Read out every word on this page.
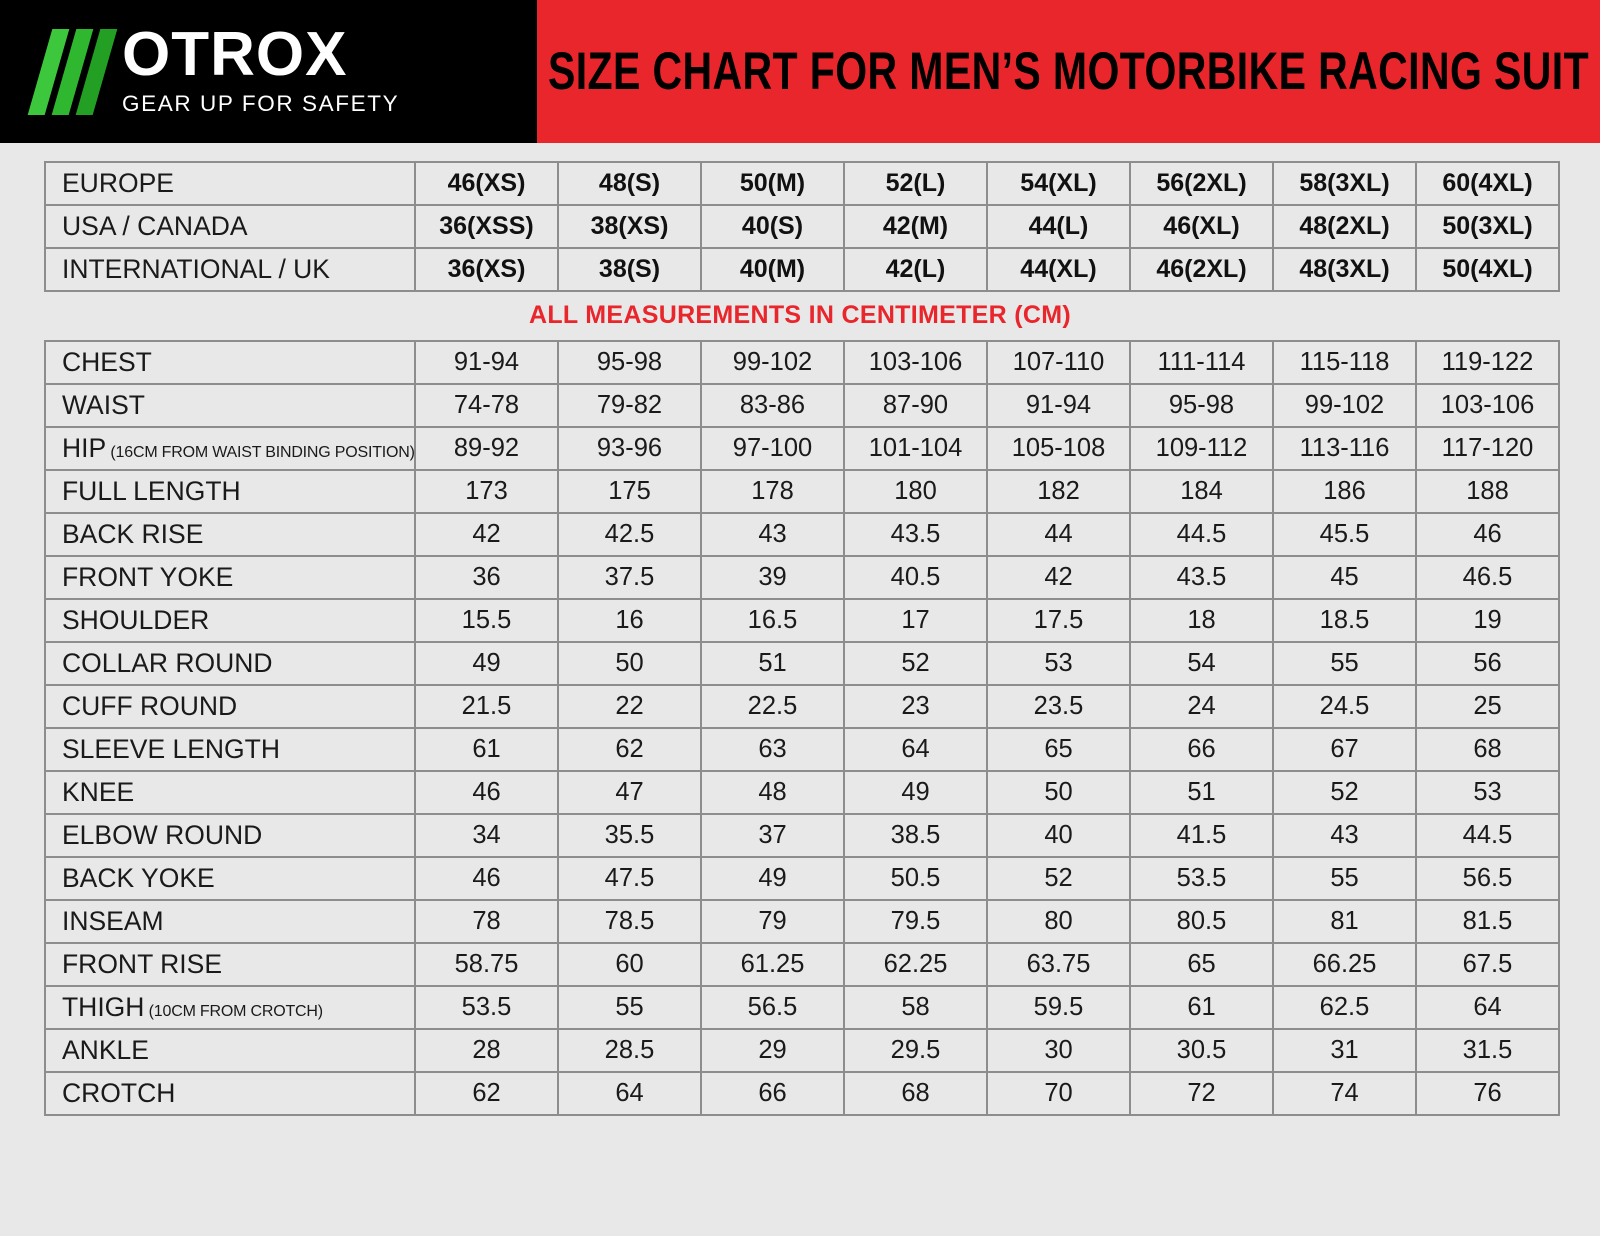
OTROX
GEAR UP FOR SAFETY
SIZE CHART FOR MEN’S MOTORBIKE RACING SUIT
EUROPE	46(XS)	48(S)	50(M)	52(L)	54(XL)	56(2XL)	58(3XL)	60(4XL)
USA / CANADA	36(XSS)	38(XS)	40(S)	42(M)	44(L)	46(XL)	48(2XL)	50(3XL)
INTERNATIONAL / UK	36(XS)	38(S)	40(M)	42(L)	44(XL)	46(2XL)	48(3XL)	50(4XL)
ALL MEASUREMENTS IN CENTIMETER (CM)
CHEST	91-94	95-98	99-102	103-106	107-110	111-114	115-118	119-122
WAIST	74-78	79-82	83-86	87-90	91-94	95-98	99-102	103-106
HIP (16CM FROM WAIST BINDING POSITION)	89-92	93-96	97-100	101-104	105-108	109-112	113-116	117-120
FULL LENGTH	173	175	178	180	182	184	186	188
BACK RISE	42	42.5	43	43.5	44	44.5	45.5	46
FRONT YOKE	36	37.5	39	40.5	42	43.5	45	46.5
SHOULDER	15.5	16	16.5	17	17.5	18	18.5	19
COLLAR ROUND	49	50	51	52	53	54	55	56
CUFF ROUND	21.5	22	22.5	23	23.5	24	24.5	25
SLEEVE LENGTH	61	62	63	64	65	66	67	68
KNEE	46	47	48	49	50	51	52	53
ELBOW ROUND	34	35.5	37	38.5	40	41.5	43	44.5
BACK YOKE	46	47.5	49	50.5	52	53.5	55	56.5
INSEAM	78	78.5	79	79.5	80	80.5	81	81.5
FRONT RISE	58.75	60	61.25	62.25	63.75	65	66.25	67.5
THIGH (10CM FROM CROTCH)	53.5	55	56.5	58	59.5	61	62.5	64
ANKLE	28	28.5	29	29.5	30	30.5	31	31.5
CROTCH	62	64	66	68	70	72	74	76
